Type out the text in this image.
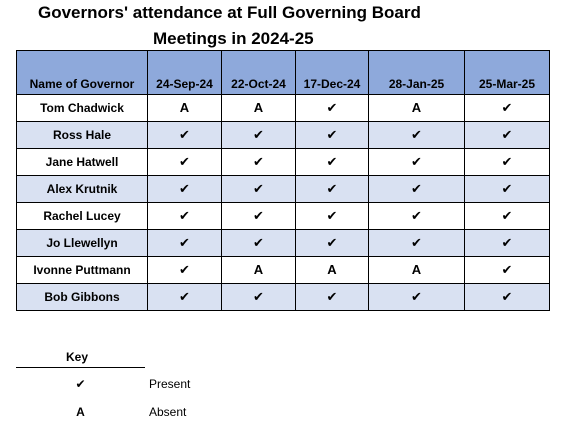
Governors' attendance at Full Governing Board
Meetings in 2024-25
Name of Governor	24-Sep-24	22-Oct-24	17-Dec-24	28-Jan-25	25-Mar-25
Tom Chadwick	A	A	✔	A	✔
Ross Hale	✔	✔	✔	✔	✔
Jane Hatwell	✔	✔	✔	✔	✔
Alex Krutnik	✔	✔	✔	✔	✔
Rachel Lucey	✔	✔	✔	✔	✔
Jo Llewellyn	✔	✔	✔	✔	✔
Ivonne Puttmann	✔	A	A	A	✔
Bob Gibbons	✔	✔	✔	✔	✔
Key
✔	Present
A	Absent
